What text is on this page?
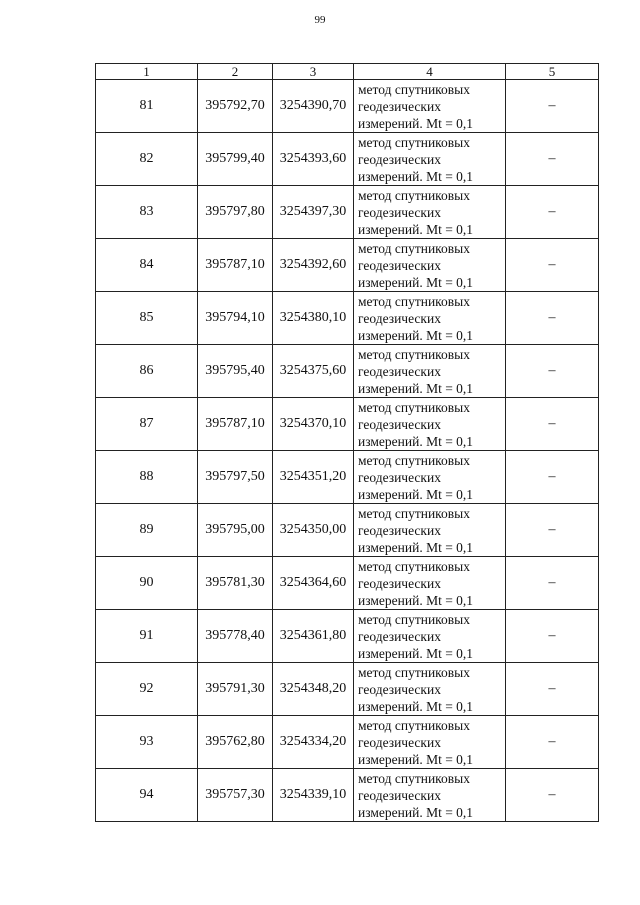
99
1	2	3	4	5
81	395792,70	3254390,70	метод спутниковых
геодезических
измерений. Mt = 0,1	–
82	395799,40	3254393,60	метод спутниковых
геодезических
измерений. Mt = 0,1	–
83	395797,80	3254397,30	метод спутниковых
геодезических
измерений. Mt = 0,1	–
84	395787,10	3254392,60	метод спутниковых
геодезических
измерений. Mt = 0,1	–
85	395794,10	3254380,10	метод спутниковых
геодезических
измерений. Mt = 0,1	–
86	395795,40	3254375,60	метод спутниковых
геодезических
измерений. Mt = 0,1	–
87	395787,10	3254370,10	метод спутниковых
геодезических
измерений. Mt = 0,1	–
88	395797,50	3254351,20	метод спутниковых
геодезических
измерений. Mt = 0,1	–
89	395795,00	3254350,00	метод спутниковых
геодезических
измерений. Mt = 0,1	–
90	395781,30	3254364,60	метод спутниковых
геодезических
измерений. Mt = 0,1	–
91	395778,40	3254361,80	метод спутниковых
геодезических
измерений. Mt = 0,1	–
92	395791,30	3254348,20	метод спутниковых
геодезических
измерений. Mt = 0,1	–
93	395762,80	3254334,20	метод спутниковых
геодезических
измерений. Mt = 0,1	–
94	395757,30	3254339,10	метод спутниковых
геодезических
измерений. Mt = 0,1	–
